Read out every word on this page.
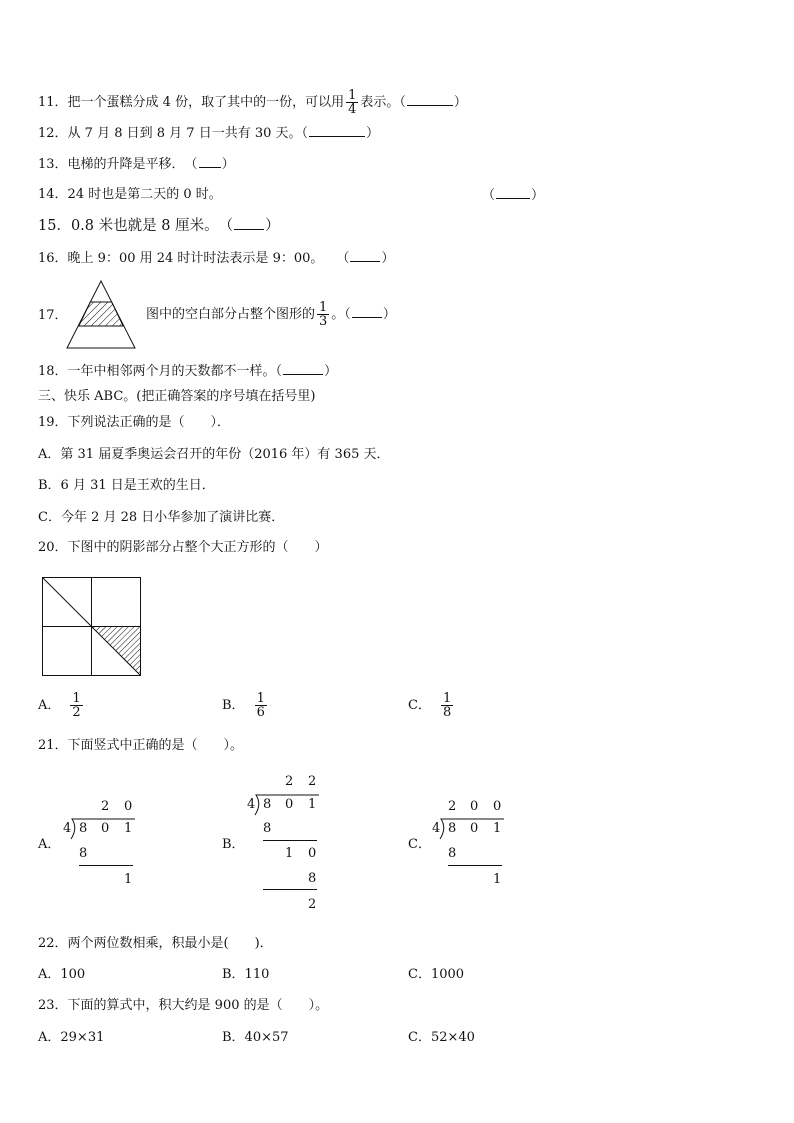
11．把一个蛋糕分成 4 份，取了其中的一份，可以用 $\frac{1}{4}$ 表示。（	）
12．从 7 月 8 日到 8 月 7 日一共有 30 天。（	）
13．电梯的升降是平移．　（ ）
14．24 时也是第二天的 0 时。	（	）
15．0.8 米也就是 8 厘米。　（ ）
16．晚上 9：00 用 24 时计时法表示是 9：00。　　（ ）
17．	图中的空白部分占整个图形的 $\frac{1}{3}$ 。（ ）
18．一年中相邻两个月的天数都不一样。（	）
三、快乐 ABC。(把正确答案的序号填在括号里)
19．下列说法正确的是（　　）．
A．第 31 届夏季奥运会召开的年份（2016 年）有 365 天．
B．6 月 31 日是王欢的生日．
C．今年 2 月 28 日小华参加了演讲比赛．
20．下图中的阴影部分占整个大正方形的（　　）
A． $\frac{1}{2}$	B． $\frac{1}{6}$	C． $\frac{1}{8}$
21．下面竖式中正确的是（　　）。
A．
2 0
4 8 0 1
8
1
B．
2 2
4 8 0 1
8
1 0
8
2
C．
2 0 0
4 8 0 1
8
1
22．两个两位数相乘，积最小是(　　)．
A．100	B．110	C．1000
23．下面的算式中，积大约是 900 的是（　　）。
A．29×31	B．40×57	C．52×40
